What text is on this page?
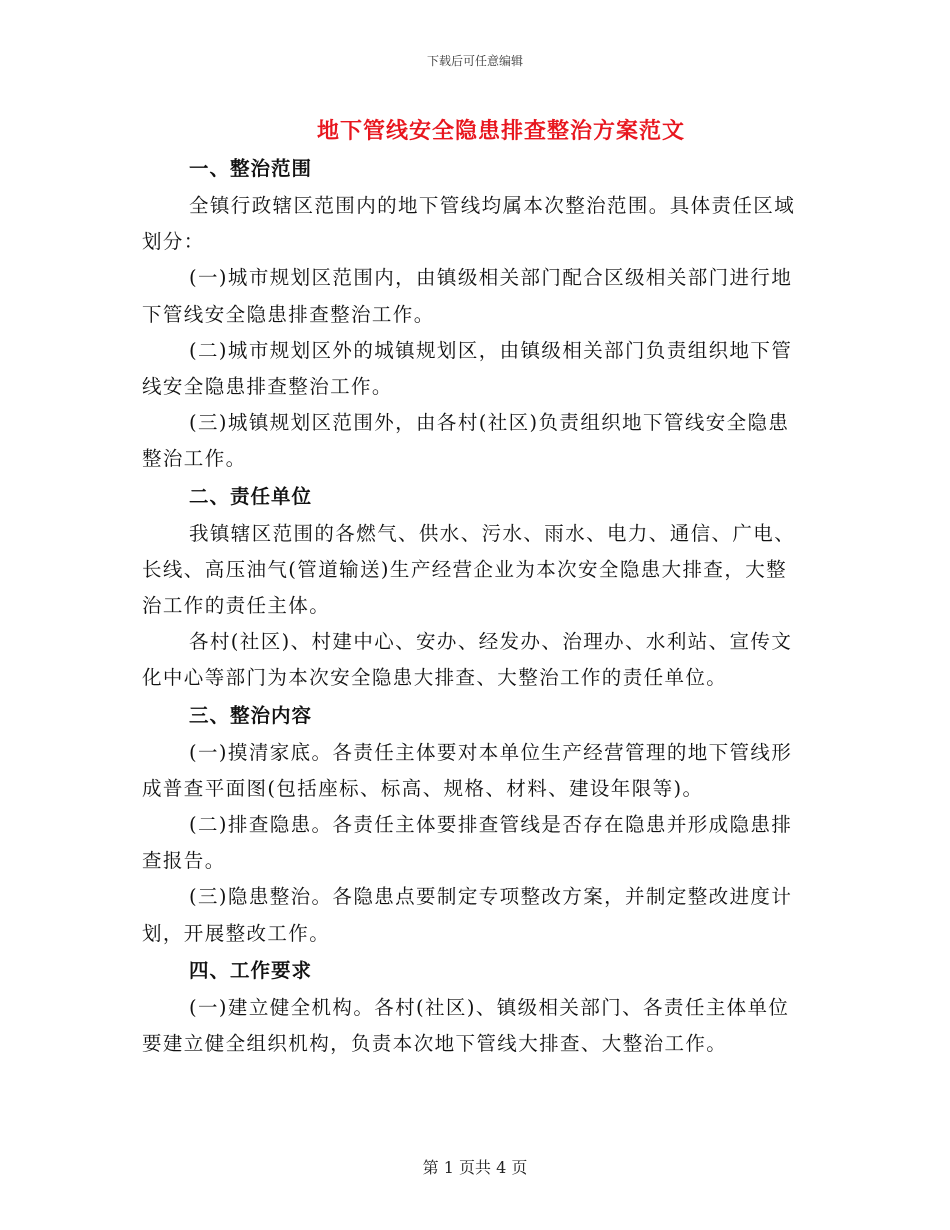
下载后可任意编辑
地下管线安全隐患排查整治方案范文

一、整治范围

全镇行政辖区范围内的地下管线均属本次整治范围。具体责任区域划分：

(一)城市规划区范围内，由镇级相关部门配合区级相关部门进行地下管线安全隐患排查整治工作。

(二)城市规划区外的城镇规划区，由镇级相关部门负责组织地下管线安全隐患排查整治工作。

(三)城镇规划区范围外，由各村(社区)负责组织地下管线安全隐患整治工作。

二、责任单位

我镇辖区范围的各燃气、供水、污水、雨水、电力、通信、广电、长线、高压油气(管道输送)生产经营企业为本次安全隐患大排查，大整治工作的责任主体。

各村(社区)、村建中心、安办、经发办、治理办、水利站、宣传文化中心等部门为本次安全隐患大排查、大整治工作的责任单位。

三、整治内容

(一)摸清家底。各责任主体要对本单位生产经营管理的地下管线形成普查平面图(包括座标、标高、规格、材料、建设年限等)。

(二)排查隐患。各责任主体要排查管线是否存在隐患并形成隐患排查报告。

(三)隐患整治。各隐患点要制定专项整改方案，并制定整改进度计划，开展整改工作。

四、工作要求

(一)建立健全机构。各村(社区)、镇级相关部门、各责任主体单位要建立健全组织机构，负责本次地下管线大排查、大整治工作。

第 1 页共 4 页
